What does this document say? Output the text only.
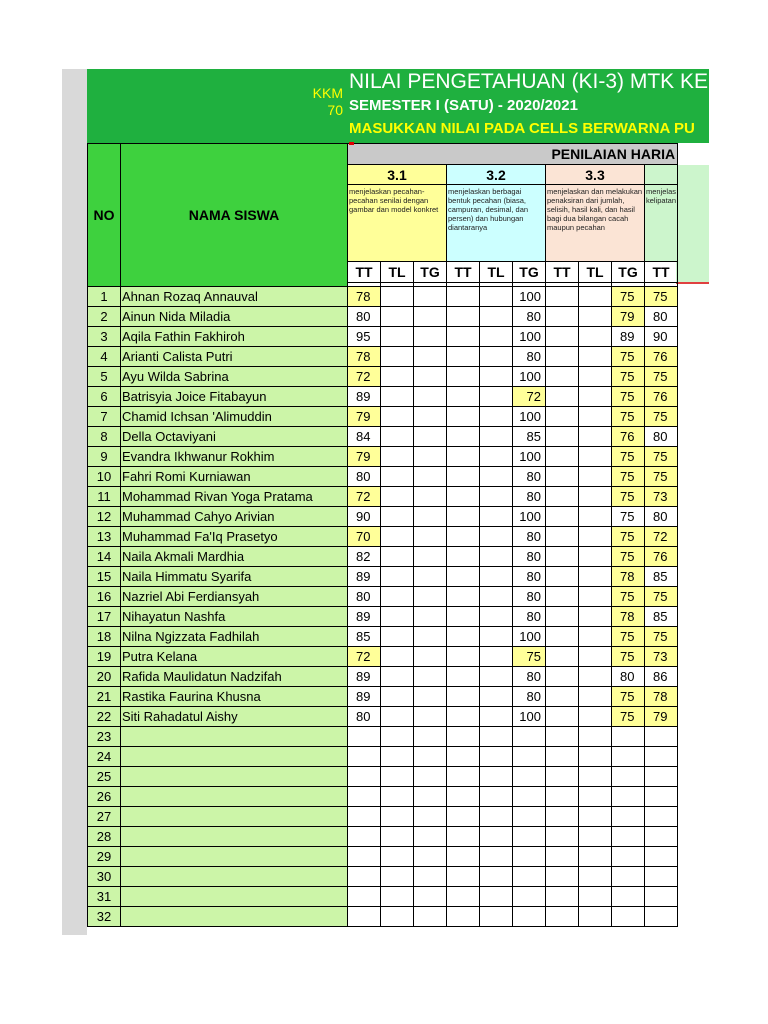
KKM
70
NILAI PENGETAHUAN (KI-3) MTK KE
SEMESTER I (SATU) - 2020/2021
MASUKKAN NILAI PADA CELLS BERWARNA PU
NO	NAMA SISWA	PENILAIAN HARIA									
		3.1			3.2			3.3			
		menjelaskan pecahan-pecahan senilai dengan gambar dan model konkret			menjelaskan berbagai bentuk pecahan (biasa, campuran, desimal, dan persen) dan hubungan diantaranya			menjelaskan dan melakukan penaksiran dari jumlah, selisih, hasil kali, dan hasil bagi dua bilangan cacah maupun pecahan			menjelas kelipatan
		TT	TL	TG	TT	TL	TG	TT	TL	TG	TT

1	Ahnan Rozaq Annauval	78					100			75	75
2	Ainun Nida Miladia	80					80			79	80
3	Aqila Fathin Fakhiroh	95					100			89	90
4	Arianti Calista Putri	78					80			75	76
5	Ayu Wilda Sabrina	72					100			75	75
6	Batrisyia Joice Fitabayun	89					72			75	76
7	Chamid Ichsan 'Alimuddin	79					100			75	75
8	Della Octaviyani	84					85			76	80
9	Evandra Ikhwanur Rokhim	79					100			75	75
10	Fahri Romi Kurniawan	80					80			75	75
11	Mohammad Rivan Yoga Pratama	72					80			75	73
12	Muhammad Cahyo Arivian	90					100			75	80
13	Muhammad Fa'Iq Prasetyo	70					80			75	72
14	Naila Akmali Mardhia	82					80			75	76
15	Naila Himmatu Syarifa	89					80			78	85
16	Nazriel Abi Ferdiansyah	80					80			75	75
17	Nihayatun Nashfa	89					80			78	85
18	Nilna Ngizzata Fadhilah	85					100			75	75
19	Putra Kelana	72					75			75	73
20	Rafida Maulidatun Nadzifah	89					80			80	86
21	Rastika Faurina Khusna	89					80			75	78
22	Siti Rahadatul Aishy	80					100			75	79
23											
24											
25											
26											
27											
28											
29											
30											
31											
32											
